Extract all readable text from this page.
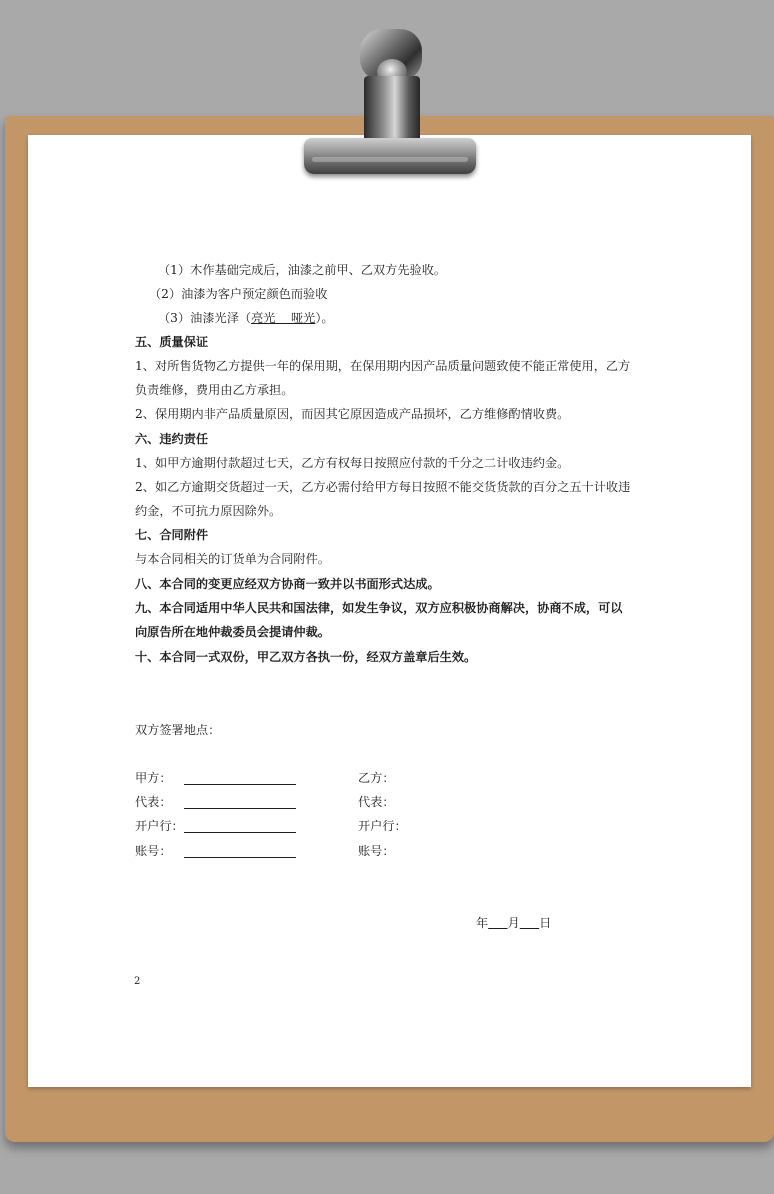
（1）木作基础完成后，油漆之前甲、乙双方先验收。
（2）油漆为客户预定颜色而验收
（3）油漆光泽（亮光 哑光）。
五、质量保证
1、对所售货物乙方提供一年的保用期，在保用期内因产品质量问题致使不能正常使用，乙方
负责维修，费用由乙方承担。
2、保用期内非产品质量原因，而因其它原因造成产品损坏，乙方维修酌情收费。
六、违约责任
1、如甲方逾期付款超过七天，乙方有权每日按照应付款的千分之二计收违约金。
2、如乙方逾期交货超过一天，乙方必需付给甲方每日按照不能交货货款的百分之五十计收违
约金，不可抗力原因除外。
七、合同附件
与本合同相关的订货单为合同附件。
八、本合同的变更应经双方协商一致并以书面形式达成。
九、本合同适用中华人民共和国法律，如发生争议，双方应积极协商解决，协商不成，可以
向原告所在地仲裁委员会提请仲裁。
十、本合同一式双份，甲乙双方各执一份，经双方盖章后生效。
双方签署地点：
甲方：
代表：
开户行：
账号：
乙方：
代表：
开户行：
账号：
年 月 日
2
